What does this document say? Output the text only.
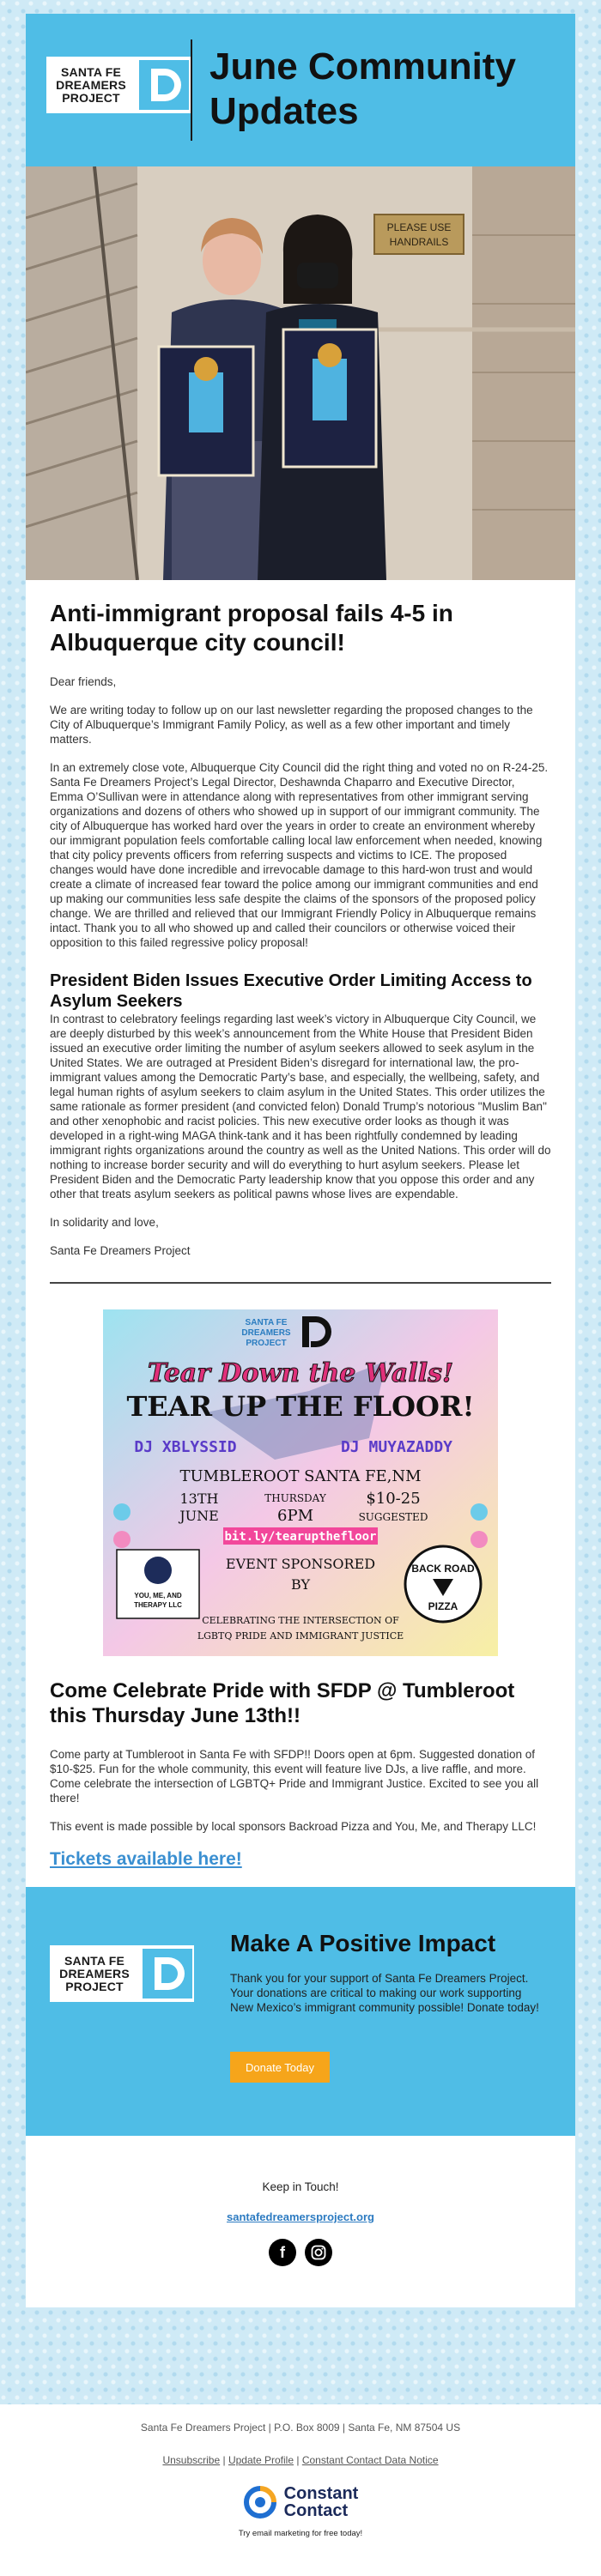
SANTA FE
DREAMERS
PROJECT
June Community Updates
PLEASE USE
HANDRAILS
Anti-immigrant proposal fails 4-5 in Albuquerque city council!

Dear friends,

We are writing today to follow up on our last newsletter regarding the proposed changes to the City of Albuquerque’s Immigrant Family Policy, as well as a few other important and timely matters.

In an extremely close vote, Albuquerque City Council did the right thing and voted no on R-24-25. Santa Fe Dreamers Project’s Legal Director, Deshawnda Chaparro and Executive Director, Emma O’Sullivan were in attendance along with representatives from other immigrant serving organizations and dozens of others who showed up in support of our immigrant community. The city of Albuquerque has worked hard over the years in order to create an environment whereby our immigrant population feels comfortable calling local law enforcement when needed, knowing that city policy prevents officers from referring suspects and victims to ICE. The proposed changes would have done incredible and irrevocable damage to this hard-won trust and would create a climate of increased fear toward the police among our immigrant communities and end up making our communities less safe despite the claims of the sponsors of the proposed policy change. We are thrilled and relieved that our Immigrant Friendly Policy in Albuquerque remains intact. Thank you to all who showed up and called their councilors or otherwise voiced their opposition to this failed regressive policy proposal!

President Biden Issues Executive Order Limiting Access to Asylum Seekers

In contrast to celebratory feelings regarding last week’s victory in Albuquerque City Council, we are deeply disturbed by this week’s announcement from the White House that President Biden issued an executive order limiting the number of asylum seekers allowed to seek asylum in the United States. We are outraged at President Biden’s disregard for international law, the pro-immigrant values among the Democratic Party’s base, and especially, the wellbeing, safety, and legal human rights of asylum seekers to claim asylum in the United States. This order utilizes the same rationale as former president (and convicted felon) Donald Trump’s notorious "Muslim Ban" and other xenophobic and racist policies. This new executive order looks as though it was developed in a right-wing MAGA think-tank and it has been rightfully condemned by leading immigrant rights organizations around the country as well as the United Nations. This order will do nothing to increase border security and will do everything to hurt asylum seekers. Please let President Biden and the Democratic Party leadership know that you oppose this order and any other that treats asylum seekers as political pawns whose lives are expendable.

In solidarity and love,

Santa Fe Dreamers Project

SANTA FE
DREAMERS
PROJECT
Tear Down the Walls!
TEAR UP THE FLOOR!
DJ XBLYSSID	DJ MUYAZADDY
TUMBLEROOT SANTA FE,NM
13TH
JUNE
THURSDAY
6PM
$10-25
SUGGESTED
bit.ly/tearupthefloor
YOU, ME, AND
THERAPY LLC
EVENT SPONSORED
BY
BACK ROAD
PIZZA
CELEBRATING THE INTERSECTION OF
LGBTQ PRIDE AND IMMIGRANT JUSTICE
Come Celebrate Pride with SFDP @ Tumbleroot this Thursday June 13th!!

Come party at Tumbleroot in Santa Fe with SFDP!! Doors open at 6pm. Suggested donation of $10-$25. Fun for the whole community, this event will feature live DJs, a live raffle, and more. Come celebrate the intersection of LGBTQ+ Pride and Immigrant Justice. Excited to see you all there!

This event is made possible by local sponsors Backroad Pizza and You, Me, and Therapy LLC!

Tickets available here!
SANTA FE
DREAMERS
PROJECT
Make A Positive Impact
Thank you for your support of Santa Fe Dreamers Project. Your donations are critical to making our work supporting New Mexico’s immigrant community possible! Donate today!
Donate Today
Keep in Touch!
santafedreamersproject.org
f
Santa Fe Dreamers Project | P.O. Box 8009 | Santa Fe, NM 87504 US
Unsubscribe | Update Profile | Constant Contact Data Notice
Constant
Contact
Try email marketing for free today!
